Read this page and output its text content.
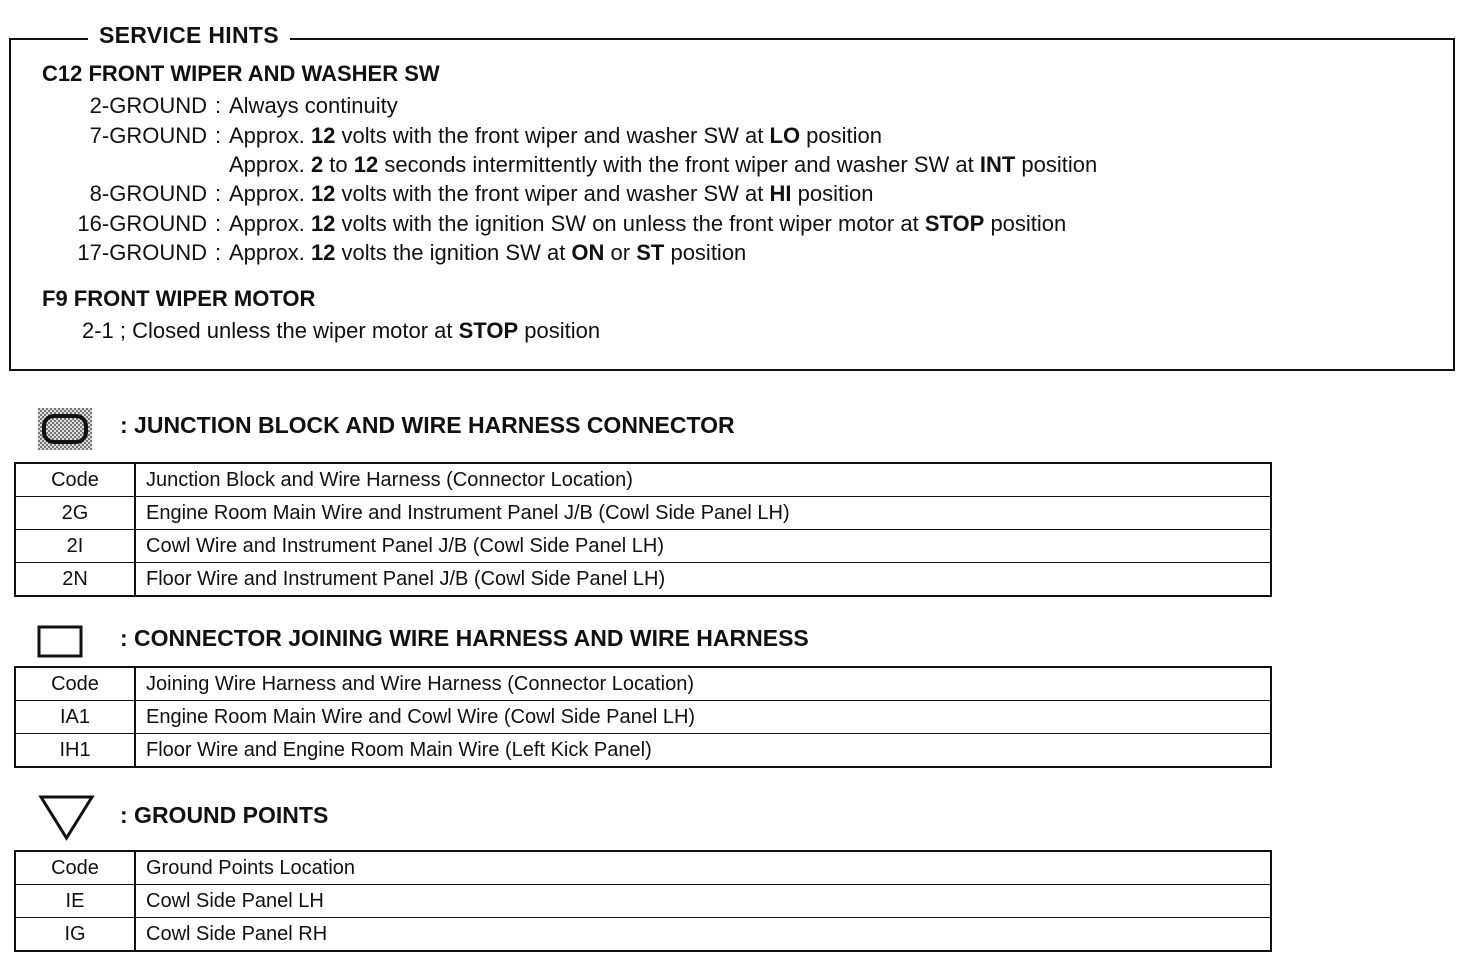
SERVICE HINTS
C12 FRONT WIPER AND WASHER SW
2-GROUND : Always continuity
7-GROUND : Approx. 12 volts with the front wiper and washer SW at LO position
Approx. 2 to 12 seconds intermittently with the front wiper and washer SW at INT position
8-GROUND : Approx. 12 volts with the front wiper and washer SW at HI position
16-GROUND : Approx. 12 volts with the ignition SW on unless the front wiper motor at STOP position
17-GROUND : Approx. 12 volts the ignition SW at ON or ST position
F9 FRONT WIPER MOTOR
2-1 ; Closed unless the wiper motor at STOP position
: JUNCTION BLOCK AND WIRE HARNESS CONNECTOR
Code	Junction Block and Wire Harness (Connector Location)
2G	Engine Room Main Wire and Instrument Panel J/B (Cowl Side Panel LH)
2I	Cowl Wire and Instrument Panel J/B (Cowl Side Panel LH)
2N	Floor Wire and Instrument Panel J/B (Cowl Side Panel LH)
: CONNECTOR JOINING WIRE HARNESS AND WIRE HARNESS
Code	Joining Wire Harness and Wire Harness (Connector Location)
IA1	Engine Room Main Wire and Cowl Wire (Cowl Side Panel LH)
IH1	Floor Wire and Engine Room Main Wire (Left Kick Panel)
: GROUND POINTS
Code	Ground Points Location
IE	Cowl Side Panel LH
IG	Cowl Side Panel RH
